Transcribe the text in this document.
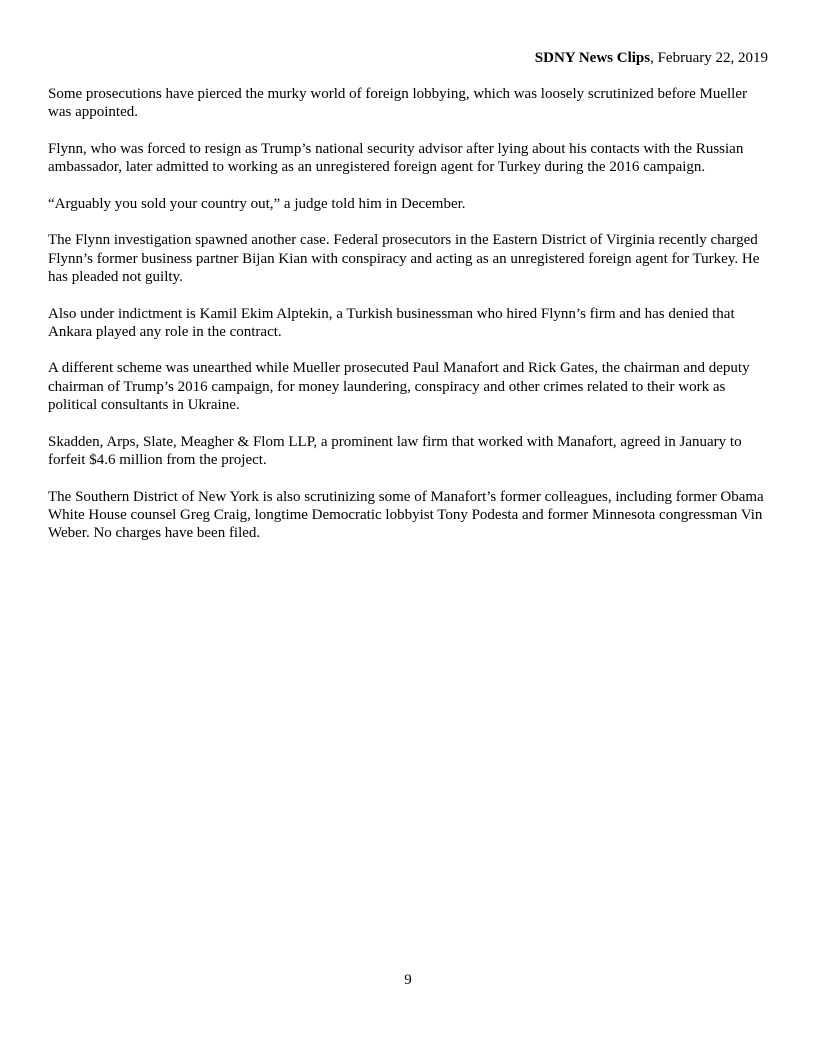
SDNY News Clips, February 22, 2019

Some prosecutions have pierced the murky world of foreign lobbying, which was loosely scrutinized before Mueller was appointed.

Flynn, who was forced to resign as Trump’s national security advisor after lying about his contacts with the Russian ambassador, later admitted to working as an unregistered foreign agent for Turkey during the 2016 campaign.

“Arguably you sold your country out,” a judge told him in December.

The Flynn investigation spawned another case. Federal prosecutors in the Eastern District of Virginia recently charged Flynn’s former business partner Bijan Kian with conspiracy and acting as an unregistered foreign agent for Turkey. He has pleaded not guilty.

Also under indictment is Kamil Ekim Alptekin, a Turkish businessman who hired Flynn’s firm and has denied that Ankara played any role in the contract.

A different scheme was unearthed while Mueller prosecuted Paul Manafort and Rick Gates, the chairman and deputy chairman of Trump’s 2016 campaign, for money laundering, conspiracy and other crimes related to their work as political consultants in Ukraine.

Skadden, Arps, Slate, Meagher & Flom LLP, a prominent law firm that worked with Manafort, agreed in January to forfeit $4.6 million from the project.

The Southern District of New York is also scrutinizing some of Manafort’s former colleagues, including former Obama White House counsel Greg Craig, longtime Democratic lobbyist Tony Podesta and former Minnesota congressman Vin Weber. No charges have been filed.

9
